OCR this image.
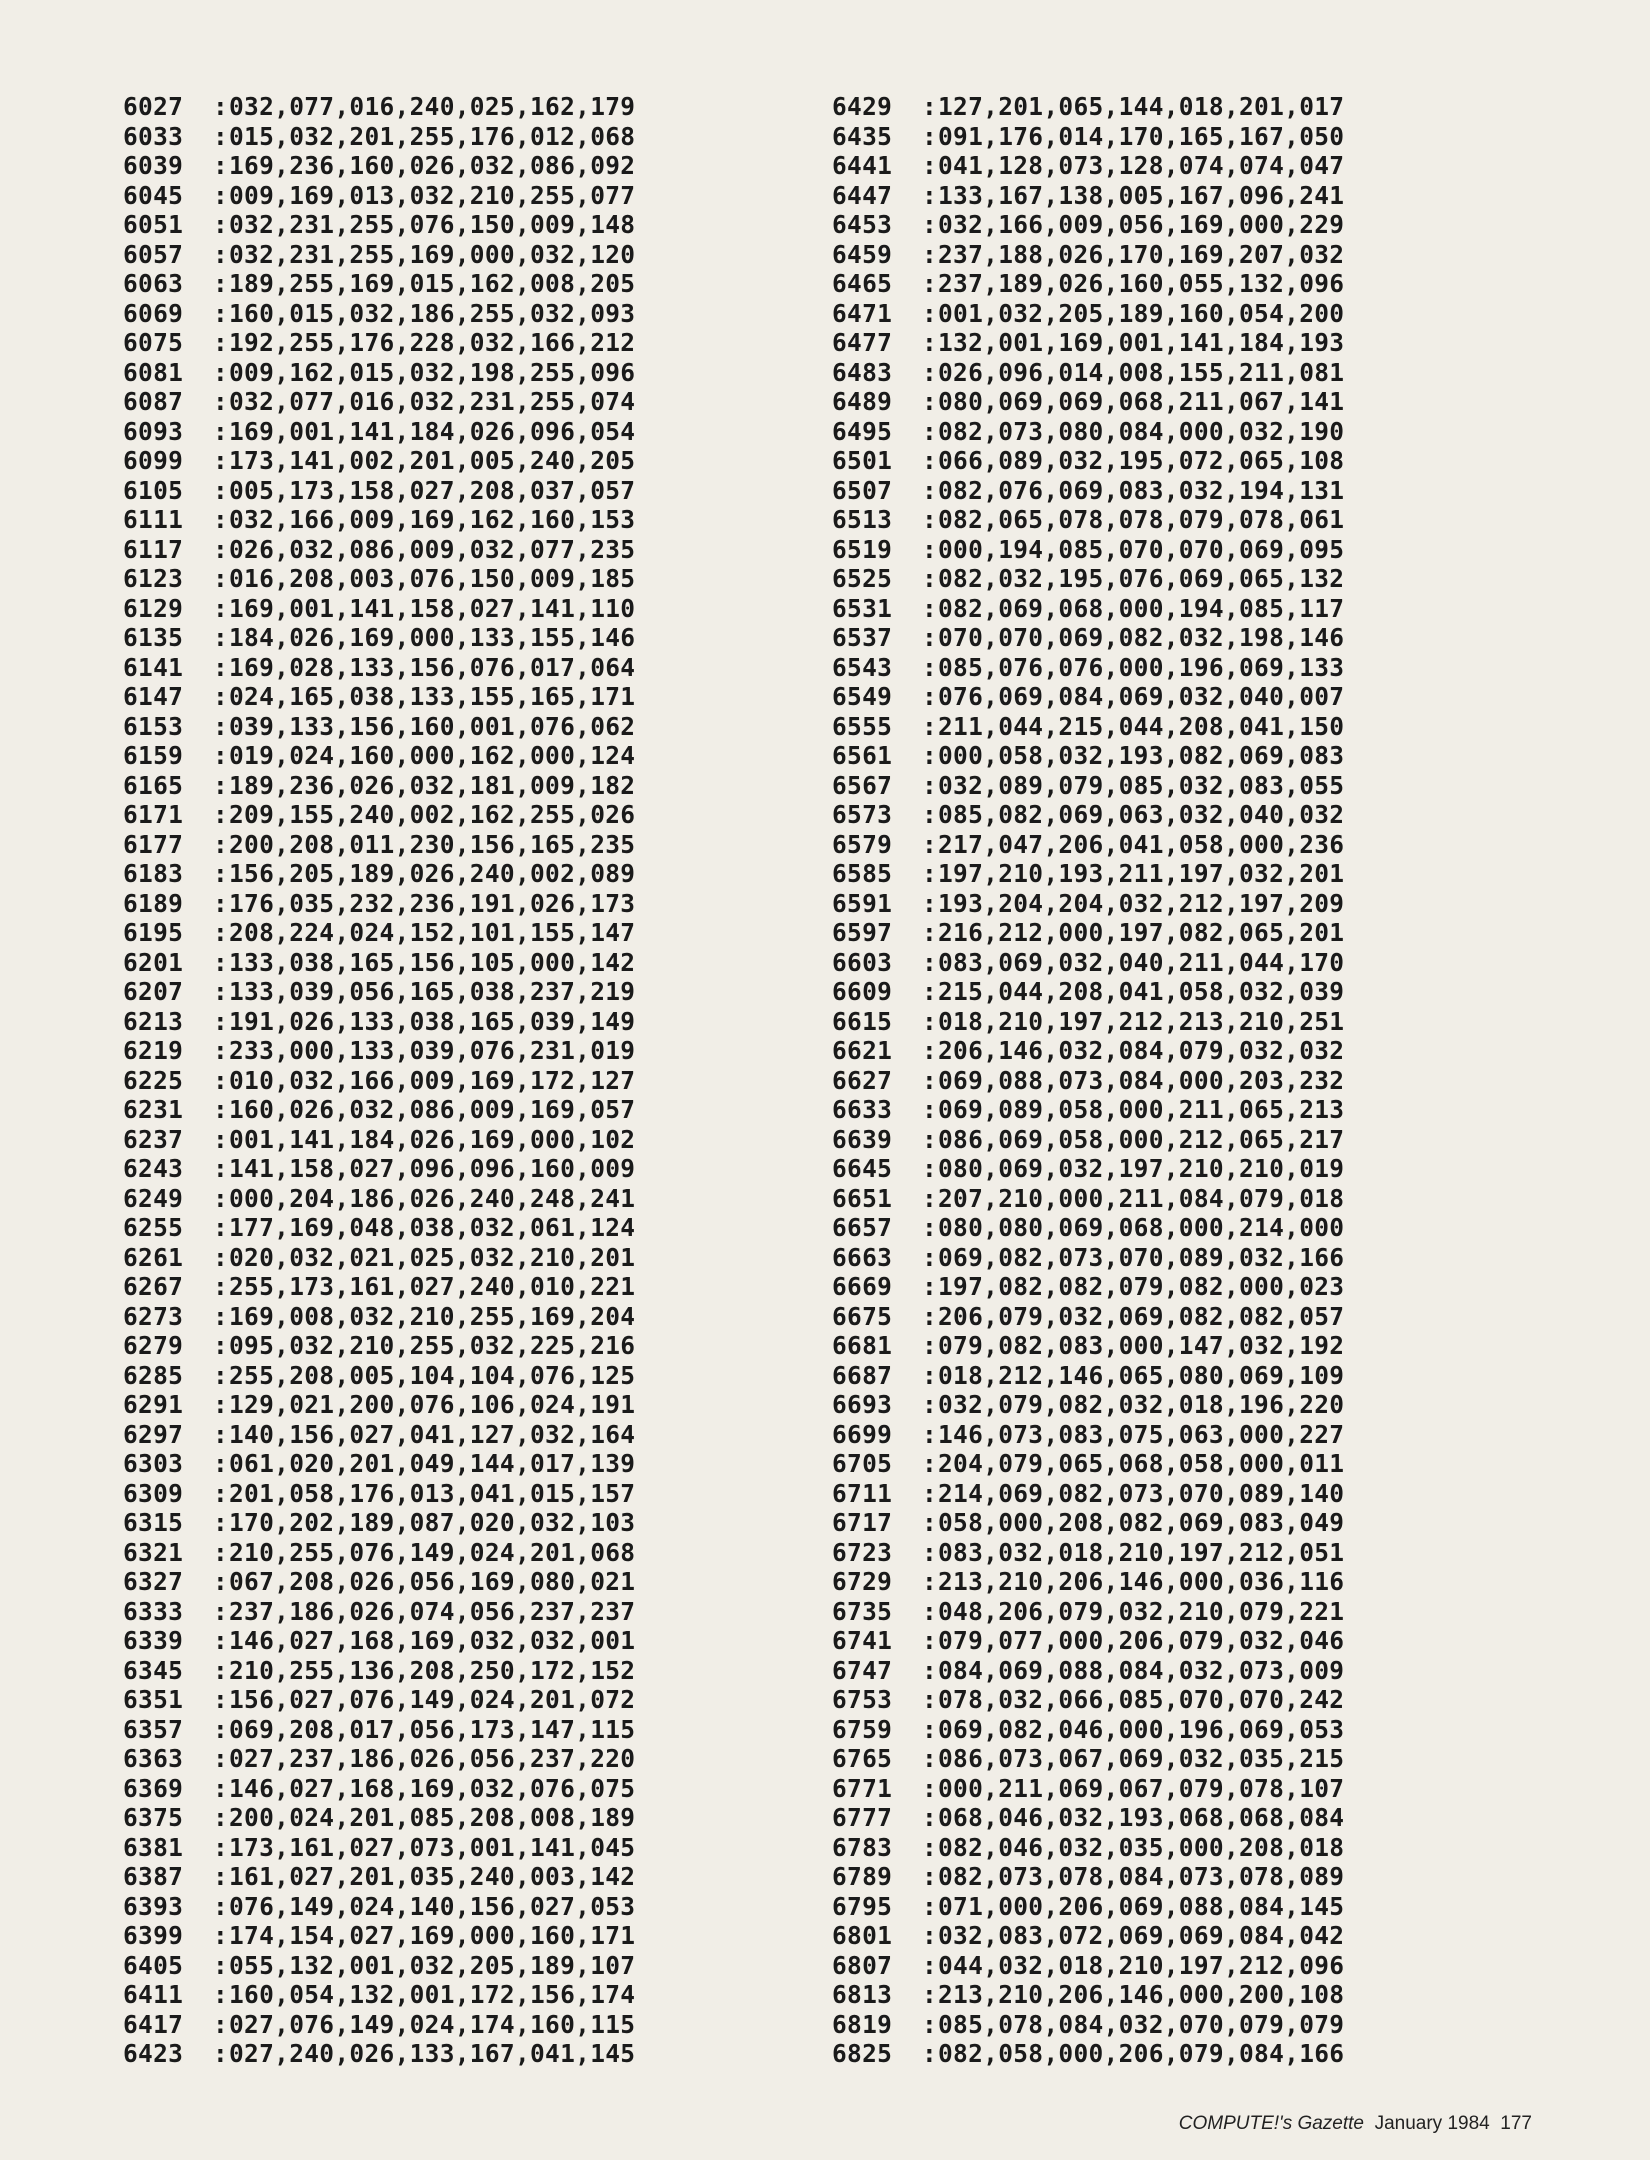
6027 :032,077,016,240,025,162,179
6033 :015,032,201,255,176,012,068
6039 :169,236,160,026,032,086,092
6045 :009,169,013,032,210,255,077
6051 :032,231,255,076,150,009,148
6057 :032,231,255,169,000,032,120
6063 :189,255,169,015,162,008,205
6069 :160,015,032,186,255,032,093
6075 :192,255,176,228,032,166,212
6081 :009,162,015,032,198,255,096
6087 :032,077,016,032,231,255,074
6093 :169,001,141,184,026,096,054
6099 :173,141,002,201,005,240,205
6105 :005,173,158,027,208,037,057
6111 :032,166,009,169,162,160,153
6117 :026,032,086,009,032,077,235
6123 :016,208,003,076,150,009,185
6129 :169,001,141,158,027,141,110
6135 :184,026,169,000,133,155,146
6141 :169,028,133,156,076,017,064
6147 :024,165,038,133,155,165,171
6153 :039,133,156,160,001,076,062
6159 :019,024,160,000,162,000,124
6165 :189,236,026,032,181,009,182
6171 :209,155,240,002,162,255,026
6177 :200,208,011,230,156,165,235
6183 :156,205,189,026,240,002,089
6189 :176,035,232,236,191,026,173
6195 :208,224,024,152,101,155,147
6201 :133,038,165,156,105,000,142
6207 :133,039,056,165,038,237,219
6213 :191,026,133,038,165,039,149
6219 :233,000,133,039,076,231,019
6225 :010,032,166,009,169,172,127
6231 :160,026,032,086,009,169,057
6237 :001,141,184,026,169,000,102
6243 :141,158,027,096,096,160,009
6249 :000,204,186,026,240,248,241
6255 :177,169,048,038,032,061,124
6261 :020,032,021,025,032,210,201
6267 :255,173,161,027,240,010,221
6273 :169,008,032,210,255,169,204
6279 :095,032,210,255,032,225,216
6285 :255,208,005,104,104,076,125
6291 :129,021,200,076,106,024,191
6297 :140,156,027,041,127,032,164
6303 :061,020,201,049,144,017,139
6309 :201,058,176,013,041,015,157
6315 :170,202,189,087,020,032,103
6321 :210,255,076,149,024,201,068
6327 :067,208,026,056,169,080,021
6333 :237,186,026,074,056,237,237
6339 :146,027,168,169,032,032,001
6345 :210,255,136,208,250,172,152
6351 :156,027,076,149,024,201,072
6357 :069,208,017,056,173,147,115
6363 :027,237,186,026,056,237,220
6369 :146,027,168,169,032,076,075
6375 :200,024,201,085,208,008,189
6381 :173,161,027,073,001,141,045
6387 :161,027,201,035,240,003,142
6393 :076,149,024,140,156,027,053
6399 :174,154,027,169,000,160,171
6405 :055,132,001,032,205,189,107
6411 :160,054,132,001,172,156,174
6417 :027,076,149,024,174,160,115
6423 :027,240,026,133,167,041,145
6429 :127,201,065,144,018,201,017
6435 :091,176,014,170,165,167,050
6441 :041,128,073,128,074,074,047
6447 :133,167,138,005,167,096,241
6453 :032,166,009,056,169,000,229
6459 :237,188,026,170,169,207,032
6465 :237,189,026,160,055,132,096
6471 :001,032,205,189,160,054,200
6477 :132,001,169,001,141,184,193
6483 :026,096,014,008,155,211,081
6489 :080,069,069,068,211,067,141
6495 :082,073,080,084,000,032,190
6501 :066,089,032,195,072,065,108
6507 :082,076,069,083,032,194,131
6513 :082,065,078,078,079,078,061
6519 :000,194,085,070,070,069,095
6525 :082,032,195,076,069,065,132
6531 :082,069,068,000,194,085,117
6537 :070,070,069,082,032,198,146
6543 :085,076,076,000,196,069,133
6549 :076,069,084,069,032,040,007
6555 :211,044,215,044,208,041,150
6561 :000,058,032,193,082,069,083
6567 :032,089,079,085,032,083,055
6573 :085,082,069,063,032,040,032
6579 :217,047,206,041,058,000,236
6585 :197,210,193,211,197,032,201
6591 :193,204,204,032,212,197,209
6597 :216,212,000,197,082,065,201
6603 :083,069,032,040,211,044,170
6609 :215,044,208,041,058,032,039
6615 :018,210,197,212,213,210,251
6621 :206,146,032,084,079,032,032
6627 :069,088,073,084,000,203,232
6633 :069,089,058,000,211,065,213
6639 :086,069,058,000,212,065,217
6645 :080,069,032,197,210,210,019
6651 :207,210,000,211,084,079,018
6657 :080,080,069,068,000,214,000
6663 :069,082,073,070,089,032,166
6669 :197,082,082,079,082,000,023
6675 :206,079,032,069,082,082,057
6681 :079,082,083,000,147,032,192
6687 :018,212,146,065,080,069,109
6693 :032,079,082,032,018,196,220
6699 :146,073,083,075,063,000,227
6705 :204,079,065,068,058,000,011
6711 :214,069,082,073,070,089,140
6717 :058,000,208,082,069,083,049
6723 :083,032,018,210,197,212,051
6729 :213,210,206,146,000,036,116
6735 :048,206,079,032,210,079,221
6741 :079,077,000,206,079,032,046
6747 :084,069,088,084,032,073,009
6753 :078,032,066,085,070,070,242
6759 :069,082,046,000,196,069,053
6765 :086,073,067,069,032,035,215
6771 :000,211,069,067,079,078,107
6777 :068,046,032,193,068,068,084
6783 :082,046,032,035,000,208,018
6789 :082,073,078,084,073,078,089
6795 :071,000,206,069,088,084,145
6801 :032,083,072,069,069,084,042
6807 :044,032,018,210,197,212,096
6813 :213,210,206,146,000,200,108
6819 :085,078,084,032,070,079,079
6825 :082,058,000,206,079,084,166
COMPUTE!'s Gazette January 1984 177
